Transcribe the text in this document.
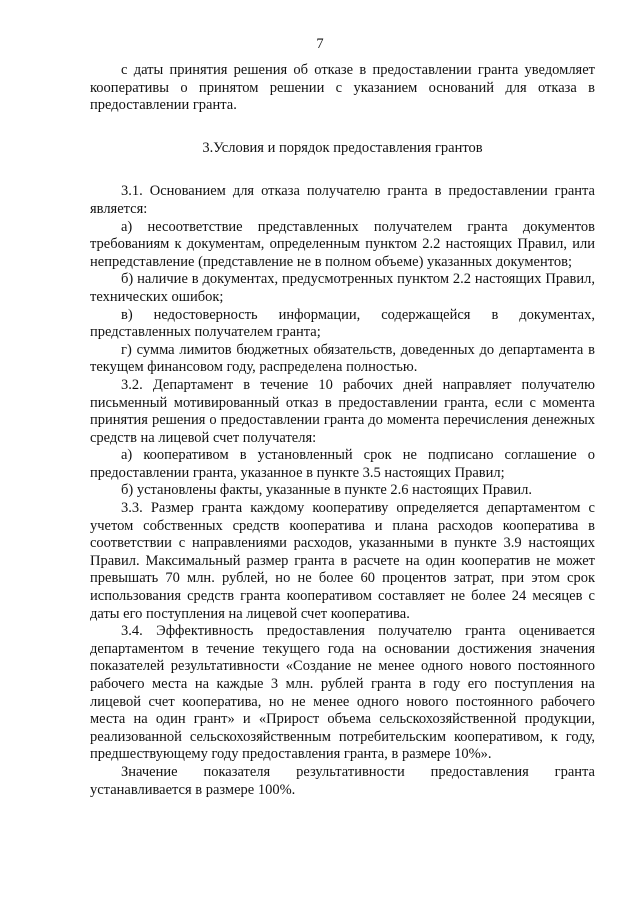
7

с даты принятия решения об отказе в предоставлении гранта уведомляет кооперативы о принятом решении с указанием оснований для отказа в предоставлении гранта.

3.Условия и порядок предоставления грантов

3.1. Основанием для отказа получателю гранта в предоставлении гранта является:

а) несоответствие представленных получателем гранта документов требованиям к документам, определенным пунктом 2.2 настоящих Правил, или непредставление (представление не в полном объеме) указанных документов;

б) наличие в документах, предусмотренных пунктом 2.2 настоящих Правил, технических ошибок;

в) недостоверность информации, содержащейся в документах, представленных получателем гранта;

г) сумма лимитов бюджетных обязательств, доведенных до департамента в текущем финансовом году, распределена полностью.

3.2. Департамент в течение 10 рабочих дней направляет получателю письменный мотивированный отказ в предоставлении гранта, если с момента принятия решения о предоставлении гранта до момента перечисления денежных средств на лицевой счет получателя:

а) кооперативом в установленный срок не подписано соглашение о предоставлении гранта, указанное в пункте 3.5 настоящих Правил;

б) установлены факты, указанные в пункте 2.6 настоящих Правил.

3.3. Размер гранта каждому кооперативу определяется департаментом с учетом собственных средств кооператива и плана расходов кооператива в соответствии с направлениями расходов, указанными в пункте 3.9 настоящих Правил. Максимальный размер гранта в расчете на один кооператив не может превышать 70 млн. рублей, но не более 60 процентов затрат, при этом срок использования средств гранта кооперативом составляет не более 24 месяцев с даты его поступления на лицевой счет кооператива.

3.4. Эффективность предоставления получателю гранта оценивается департаментом в течение текущего года на основании достижения значения показателей результативности «Создание не менее одного нового постоянного рабочего места на каждые 3 млн. рублей гранта в году его поступления на лицевой счет кооператива, но не менее одного нового постоянного рабочего места на один грант» и «Прирост объема сельскохозяйственной продукции, реализованной сельскохозяйственным потребительским кооперативом, к году, предшествующему году предоставления гранта, в размере 10%».

Значение показателя результативности предоставления гранта устанавливается в размере 100%.
